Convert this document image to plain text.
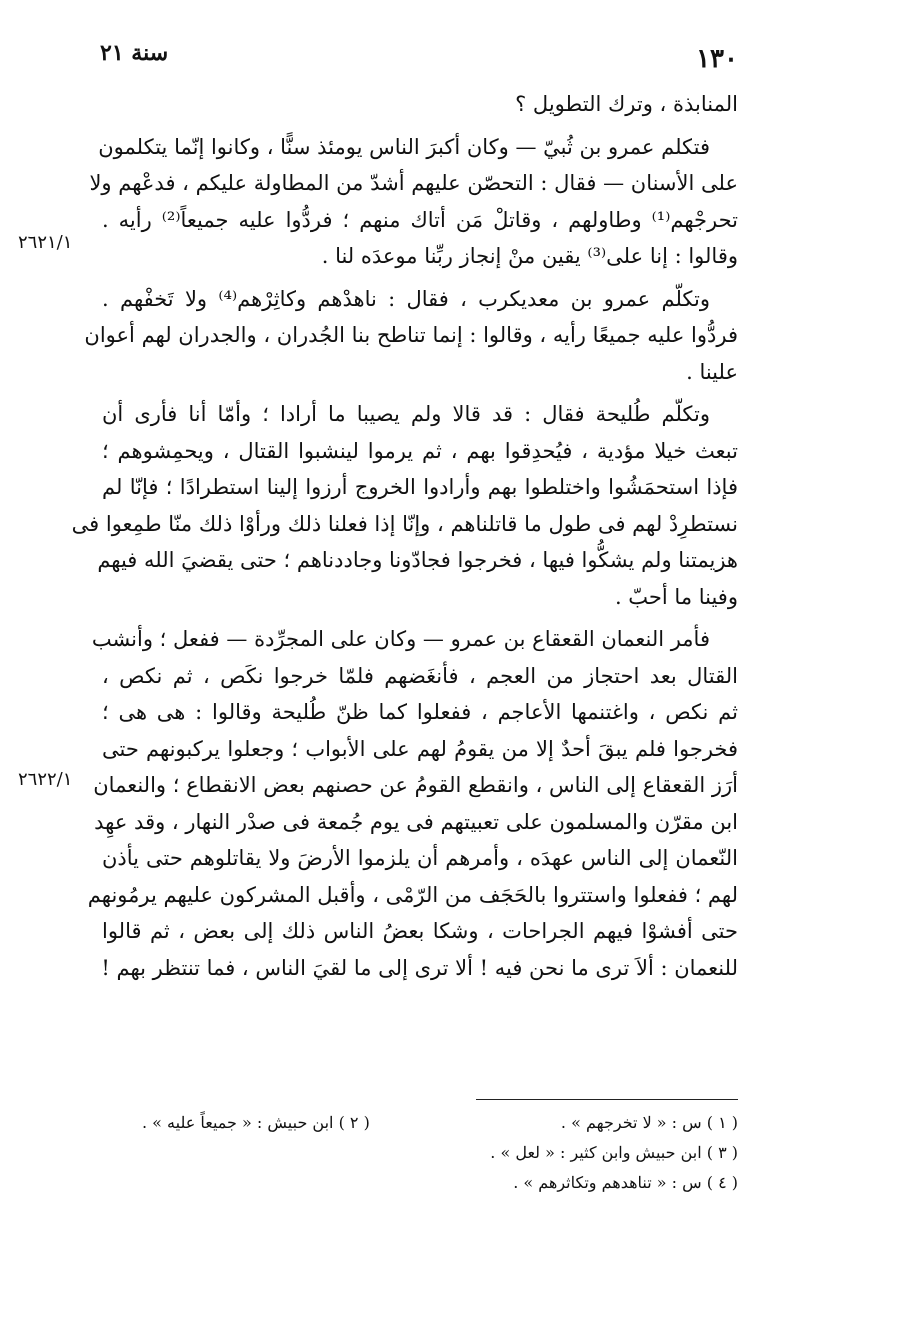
١٣٠
سنة ٢١
٢٦٢١/١
٢٦٢٢/١
المنابذة ، وترك التطويل ؟
فتكلم عمرو بن ثُبيّ — وكان أكبرَ الناس يومئذ سنًّا ، وكانوا إنّما يتكلمون
على الأسنان — فقال : التحصّن عليهم أشدّ من المطاولة عليكم ، فدعْهم ولا
تحرجْهم⁽¹⁾ وطاولهم ، وقاتلْ مَن أتاك منهم ؛ فردُّوا عليه جميعاً⁽²⁾ رأيه .
وقالوا : إنا على⁽³⁾ يقين منْ إنجاز ربِّنا موعدَه لنا .
وتكلّم عمرو بن معديكرب ، فقال : ناهدْهم وكاثِرْهم⁽⁴⁾ ولا تَخفْهم .
فردُّوا عليه جميعًا رأيه ، وقالوا : إنما تناطح بنا الجُدران ، والجدران لهم أعوان
علينا .
وتكلّم طُليحة فقال : قد قالا ولم يصيبا ما أرادا ؛ وأمّا أنا فأرى أن
تبعث خيلا مؤدية ، فيُحدِقوا بهم ، ثم يرموا لينشبوا القتال ، ويحمِشوهم ؛
فإذا استحمَشُوا واختلطوا بهم وأرادوا الخروج أرزوا إلينا استطرادًا ؛ فإنّا لم
نستطرِدْ لهم فى طول ما قاتلناهم ، وإنّا إذا فعلنا ذلك ورأوْا ذلك منّا طمِعوا فى
هزيمتنا ولم يشكُّوا فيها ، فخرجوا فجادّونا وجاددناهم ؛ حتى يقضيَ الله فيهم
وفينا ما أحبّ .
فأمر النعمان القعقاع بن عمرو — وكان على المجرِّدة — ففعل ؛ وأنشب
القتال بعد احتجاز من العجم ، فأنغَضهم فلمّا خرجوا نكَص ، ثم نكص ،
ثم نكص ، واغتنمها الأعاجم ، ففعلوا كما ظنّ طُليحة وقالوا : هى هى ؛
فخرجوا فلم يبقَ أحدٌ إلا من يقومُ لهم على الأبواب ؛ وجعلوا يركبونهم حتى
أرَز القعقاع إلى الناس ، وانقطع القومُ عن حصنهم بعض الانقطاع ؛ والنعمان
ابن مقرّن والمسلمون على تعبيتهم فى يوم جُمعة فى صدْر النهار ، وقد عهِد
النّعمان إلى الناس عهدَه ، وأمرهم أن يلزموا الأرضَ ولا يقاتلوهم حتى يأذن
لهم ؛ ففعلوا واستتروا بالحَجَف من الرّمْى ، وأقبل المشركون عليهم يرمُونهم
حتى أفشوْا فيهم الجراحات ، وشكا بعضُ الناس ذلك إلى بعض ، ثم قالوا
للنعمان : ألاَ ترى ما نحن فيه ! ألا ترى إلى ما لقيَ الناس ، فما تنتظر بهم !
( ١ ) س : « لا تخرجهم » .
( ٢ ) ابن حبيش : « جميعاً عليه » .
( ٣ ) ابن حبيش وابن كثير : « لعل » .
( ٤ ) س : « تناهدهم وتكاثرهم » .
